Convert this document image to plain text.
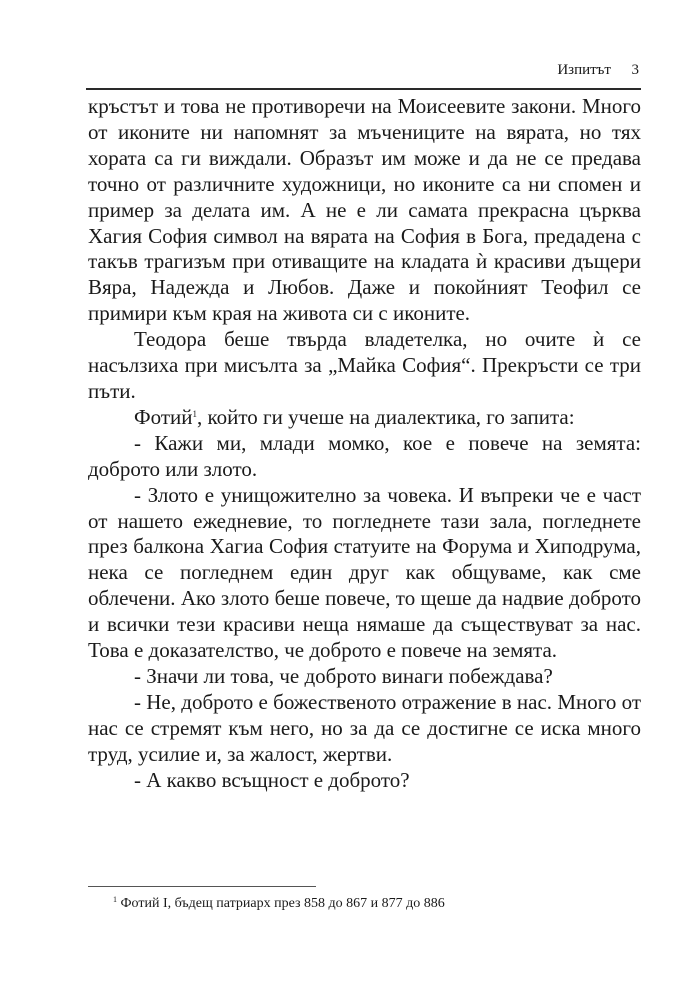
Изпитът 3

кръстът и това не противоречи на Моисеевите закони. Много от иконите ни напомнят за мъчениците на вярата, но тях хората са ги виждали. Образът им може и да не се предава точно от различните художници, но иконите са ни спомен и пример за делата им. А не е ли самата прекрасна църква Хагия София символ на вярата на София в Бога, предадена с такъв трагизъм при отиващите на кладата ѝ красиви дъщери Вяра, Надежда и Любов. Даже и покойният Теофил се примири към края на живота си с иконите.

Теодора беше твърда владетелка, но очите ѝ се насълзиха при мисълта за „Майка София“. Прекръсти се три пъти.

Фотий$^1$, който ги учеше на диалектика, го запита:

- Кажи ми, млади момко, кое е повече на земята: доброто или злото.

- Злото е унищожително за човека. И въпреки че е част от нашето ежедневие, то погледнете тази зала, погледнете през балкона Хагиа София статуите на Форума и Хиподрума, нека се погледнем един друг как общуваме, как сме облечени. Ако злото беше повече, то щеше да надвие доброто и всички тези красиви неща нямаше да съществуват за нас. Това е доказателство, че доброто е повече на земята.

- Значи ли това, че доброто винаги побеждава?

- Не, доброто е божественото отражение в нас. Много от нас се стремят към него, но за да се достигне се иска много труд, усилие и, за жалост, жертви.

- А какво всъщност е доброто?

$^1$ Фотий I, бъдещ патриарх през 858 до 867 и 877 до 886
